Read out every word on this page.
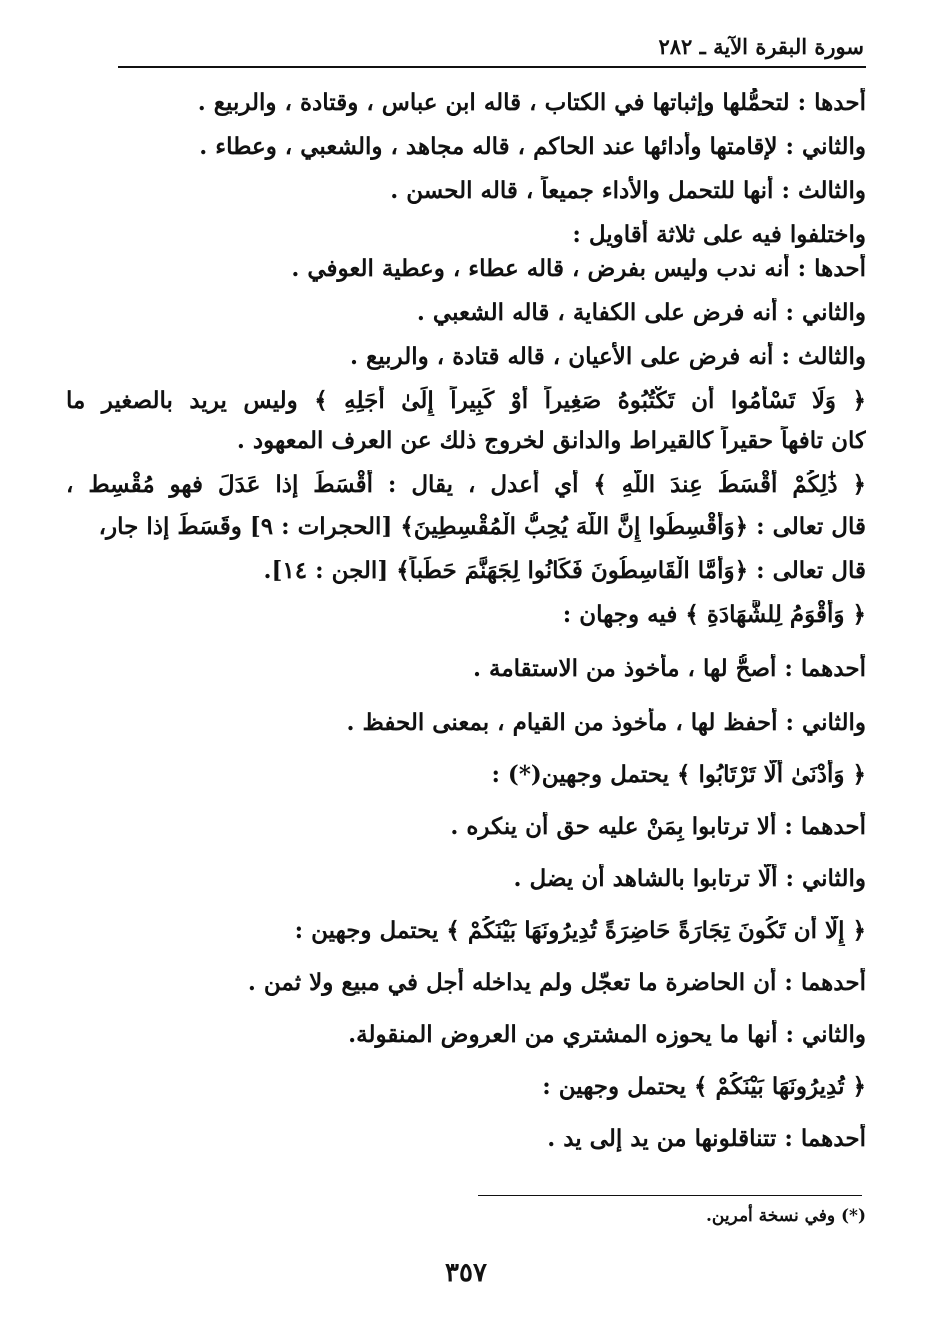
سورة البقرة الآية ـ ٢٨٢
أحدها : لتحمُّلها وإثباتها في الكتاب ، قاله ابن عباس ، وقتادة ، والربيع .
والثاني : لإقامتها وأدائها عند الحاكم ، قاله مجاهد ، والشعبي ، وعطاء .
والثالث : أنها للتحمل والأداء جميعاً ، قاله الحسن .
واختلفوا فيه على ثلاثة أقاويل :
أحدها : أنه ندب وليس بفرض ، قاله عطاء ، وعطية العوفي .
والثاني : أنه فرض على الكفاية ، قاله الشعبي .
والثالث : أنه فرض على الأعيان ، قاله قتادة ، والربيع .
﴿ وَلَا تَسْأَمُوا أَن تَكْتُبُوهُ صَغِيراً أَوْ كَبِيراً إِلَىٰ أَجَلِهِ ﴾ وليس يريد بالصغير ما
كان تافهاً حقيراً كالقيراط والدانق لخروج ذلك عن العرف المعهود .
﴿ ذَٰلِكُمْ أَقْسَطُ عِندَ اللَّهِ ﴾ أي أعدل ، يقال : أَقْسَطَ إذا عَدَلَ فهو مُقْسِط ،
قال تعالى : ﴿وَأَقْسِطُوا إِنَّ اللَّهَ يُحِبُّ الْمُقْسِطِينَ﴾ [الحجرات : ٩] وقَسَطَ إذا جار،
قال تعالى : ﴿وَأَمَّا الْقَاسِطُونَ فَكَانُوا لِجَهَنَّمَ حَطَباً﴾ [الجن : ١٤].
﴿ وَأَقْوَمُ لِلشَّهَادَةِ ﴾ فيه وجهان :
أحدهما : أصحُّ لها ، مأخوذ من الاستقامة .
والثاني : أحفظ لها ، مأخوذ من القيام ، بمعنى الحفظ .
﴿ وَأَدْنَىٰ أَلَّا تَرْتَابُوا ﴾ يحتمل وجهين(*) :
أحدهما : ألا ترتابوا بِمَنْ عليه حق أن ينكره .
والثاني : ألَّا ترتابوا بالشاهد أن يضل .
﴿ إِلَّا أَن تَكُونَ تِجَارَةً حَاضِرَةً تُدِيرُونَهَا بَيْنَكُمْ ﴾ يحتمل وجهين :
أحدهما : أن الحاضرة ما تعجّل ولم يداخله أجل في مبيع ولا ثمن .
والثاني : أنها ما يحوزه المشتري من العروض المنقولة.
﴿ تُدِيرُونَهَا بَيْنَكُمْ ﴾ يحتمل وجهين :
أحدهما : تتناقلونها من يد إلى يد .
(*) وفي نسخة أمرين.
٣٥٧
